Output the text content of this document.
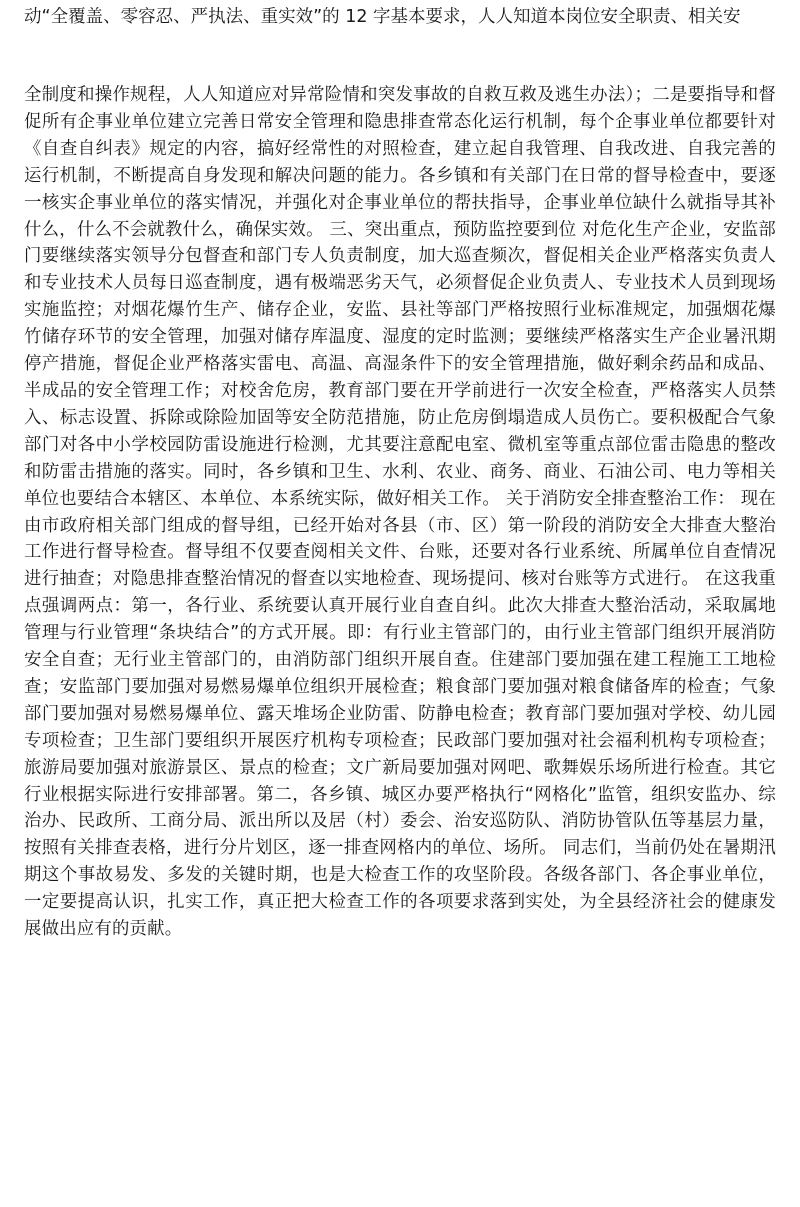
动“全覆盖、零容忍、严执法、重实效”的 12 字基本要求，人人知道本岗位安全职责、相关安

全制度和操作规程，人人知道应对异常险情和突发事故的自救互救及逃生办法）；二是要指导和督促所有企事业单位建立完善日常安全管理和隐患排查常态化运行机制，每个企事业单位都要针对《自查自纠表》规定的内容，搞好经常性的对照检查，建立起自我管理、自我改进、自我完善的运行机制，不断提高自身发现和解决问题的能力。各乡镇和有关部门在日常的督导检查中，要逐一核实企事业单位的落实情况，并强化对企事业单位的帮扶指导，企事业单位缺什么就指导其补什么，什么不会就教什么，确保实效。 三、突出重点，预防监控要到位 对危化生产企业，安监部门要继续落实领导分包督查和部门专人负责制度，加大巡查频次，督促相关企业严格落实负责人和专业技术人员每日巡查制度，遇有极端恶劣天气，必须督促企业负责人、专业技术人员到现场实施监控；对烟花爆竹生产、储存企业，安监、县社等部门严格按照行业标准规定，加强烟花爆竹储存环节的安全管理，加强对储存库温度、湿度的定时监测；要继续严格落实生产企业暑汛期停产措施，督促企业严格落实雷电、高温、高湿条件下的安全管理措施，做好剩余药品和成品、半成品的安全管理工作；对校舍危房，教育部门要在开学前进行一次安全检查，严格落实人员禁入、标志设置、拆除或除险加固等安全防范措施，防止危房倒塌造成人员伤亡。要积极配合气象部门对各中小学校园防雷设施进行检测，尤其要注意配电室、微机室等重点部位雷击隐患的整改和防雷击措施的落实。同时，各乡镇和卫生、水利、农业、商务、商业、石油公司、电力等相关单位也要结合本辖区、本单位、本系统实际，做好相关工作。 关于消防安全排查整治工作： 现在由市政府相关部门组成的督导组，已经开始对各县（市、区）第一阶段的消防安全大排查大整治工作进行督导检查。督导组不仅要查阅相关文件、台账，还要对各行业系统、所属单位自查情况进行抽查；对隐患排查整治情况的督查以实地检查、现场提问、核对台账等方式进行。 在这我重点强调两点：第一，各行业、系统要认真开展行业自查自纠。此次大排查大整治活动，采取属地管理与行业管理“条块结合”的方式开展。即：有行业主管部门的，由行业主管部门组织开展消防安全自查；无行业主管部门的，由消防部门组织开展自查。住建部门要加强在建工程施工工地检查；安监部门要加强对易燃易爆单位组织开展检查；粮食部门要加强对粮食储备库的检查；气象部门要加强对易燃易爆单位、露天堆场企业防雷、防静电检查；教育部门要加强对学校、幼儿园专项检查；卫生部门要组织开展医疗机构专项检查；民政部门要加强对社会福利机构专项检查；旅游局要加强对旅游景区、景点的检查；文广新局要加强对网吧、歌舞娱乐场所进行检查。其它行业根据实际进行安排部署。第二，各乡镇、城区办要严格执行“网格化”监管，组织安监办、综治办、民政所、工商分局、派出所以及居（村）委会、治安巡防队、消防协管队伍等基层力量，按照有关排查表格，进行分片划区，逐一排查网格内的单位、场所。 同志们，当前仍处在暑期汛期这个事故易发、多发的关键时期，也是大检查工作的攻坚阶段。各级各部门、各企事业单位，一定要提高认识，扎实工作，真正把大检查工作的各项要求落到实处，为全县经济社会的健康发展做出应有的贡献。
